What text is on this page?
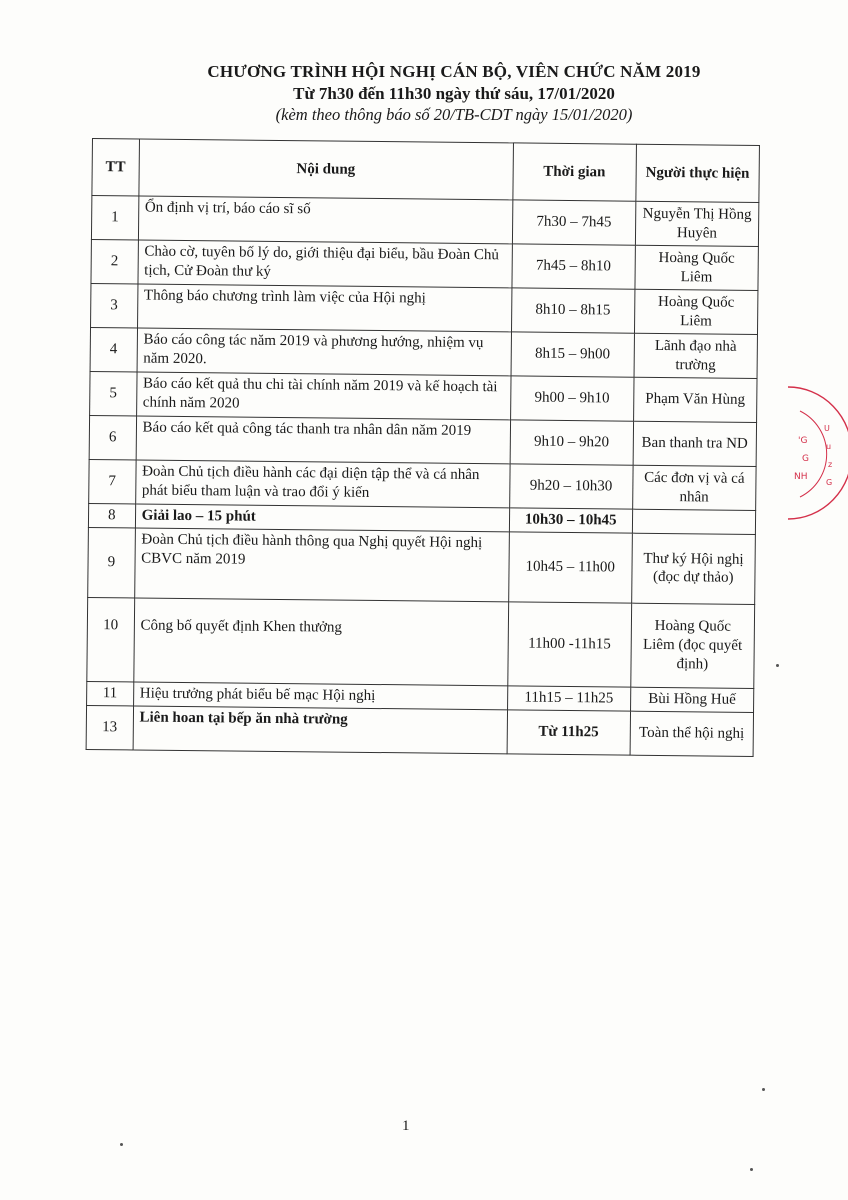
CHƯƠNG TRÌNH HỘI NGHỊ CÁN BỘ, VIÊN CHỨC NĂM 2019
Từ 7h30 đến 11h30 ngày thứ sáu, 17/01/2020
(kèm theo thông báo số 20/TB-CDT ngày 15/01/2020)
TT	Nội dung	Thời gian	Người thực hiện
1	Ổn định vị trí, báo cáo sĩ số	7h30 – 7h45	Nguyễn Thị Hồng Huyên
2	Chào cờ, tuyên bố lý do, giới thiệu đại biểu, bầu Đoàn Chủ tịch, Cử Đoàn thư ký	7h45 – 8h10	Hoàng Quốc Liêm
3	Thông báo chương trình làm việc của Hội nghị	8h10 – 8h15	Hoàng Quốc Liêm
4	Báo cáo công tác năm 2019 và phương hướng, nhiệm vụ năm 2020.	8h15 – 9h00	Lãnh đạo nhà trường
5	Báo cáo kết quả thu chi tài chính năm 2019 và kế hoạch tài chính năm 2020	9h00 – 9h10	Phạm Văn Hùng
6	Báo cáo kết quả công tác thanh tra nhân dân năm 2019	9h10 – 9h20	Ban thanh tra ND
7	Đoàn Chủ tịch điều hành các đại diện tập thể và cá nhân phát biểu tham luận và trao đổi ý kiến	9h20 – 10h30	Các đơn vị và cá nhân
8	Giải lao – 15 phút	10h30 – 10h45	
9	Đoàn Chủ tịch điều hành thông qua Nghị quyết Hội nghị CBVC năm 2019	10h45 – 11h00	Thư ký Hội nghị (đọc dự thảo)
10	Công bố quyết định Khen thưởng	11h00 -11h15	Hoàng Quốc Liêm (đọc quyết định)
11	Hiệu trưởng phát biểu bế mạc Hội nghị	11h15 – 11h25	Bùi Hồng Huế
13	Liên hoan tại bếp ăn nhà trường	Từ 11h25	Toàn thể hội nghị
'G
G
NH
U
u
z
G
1
